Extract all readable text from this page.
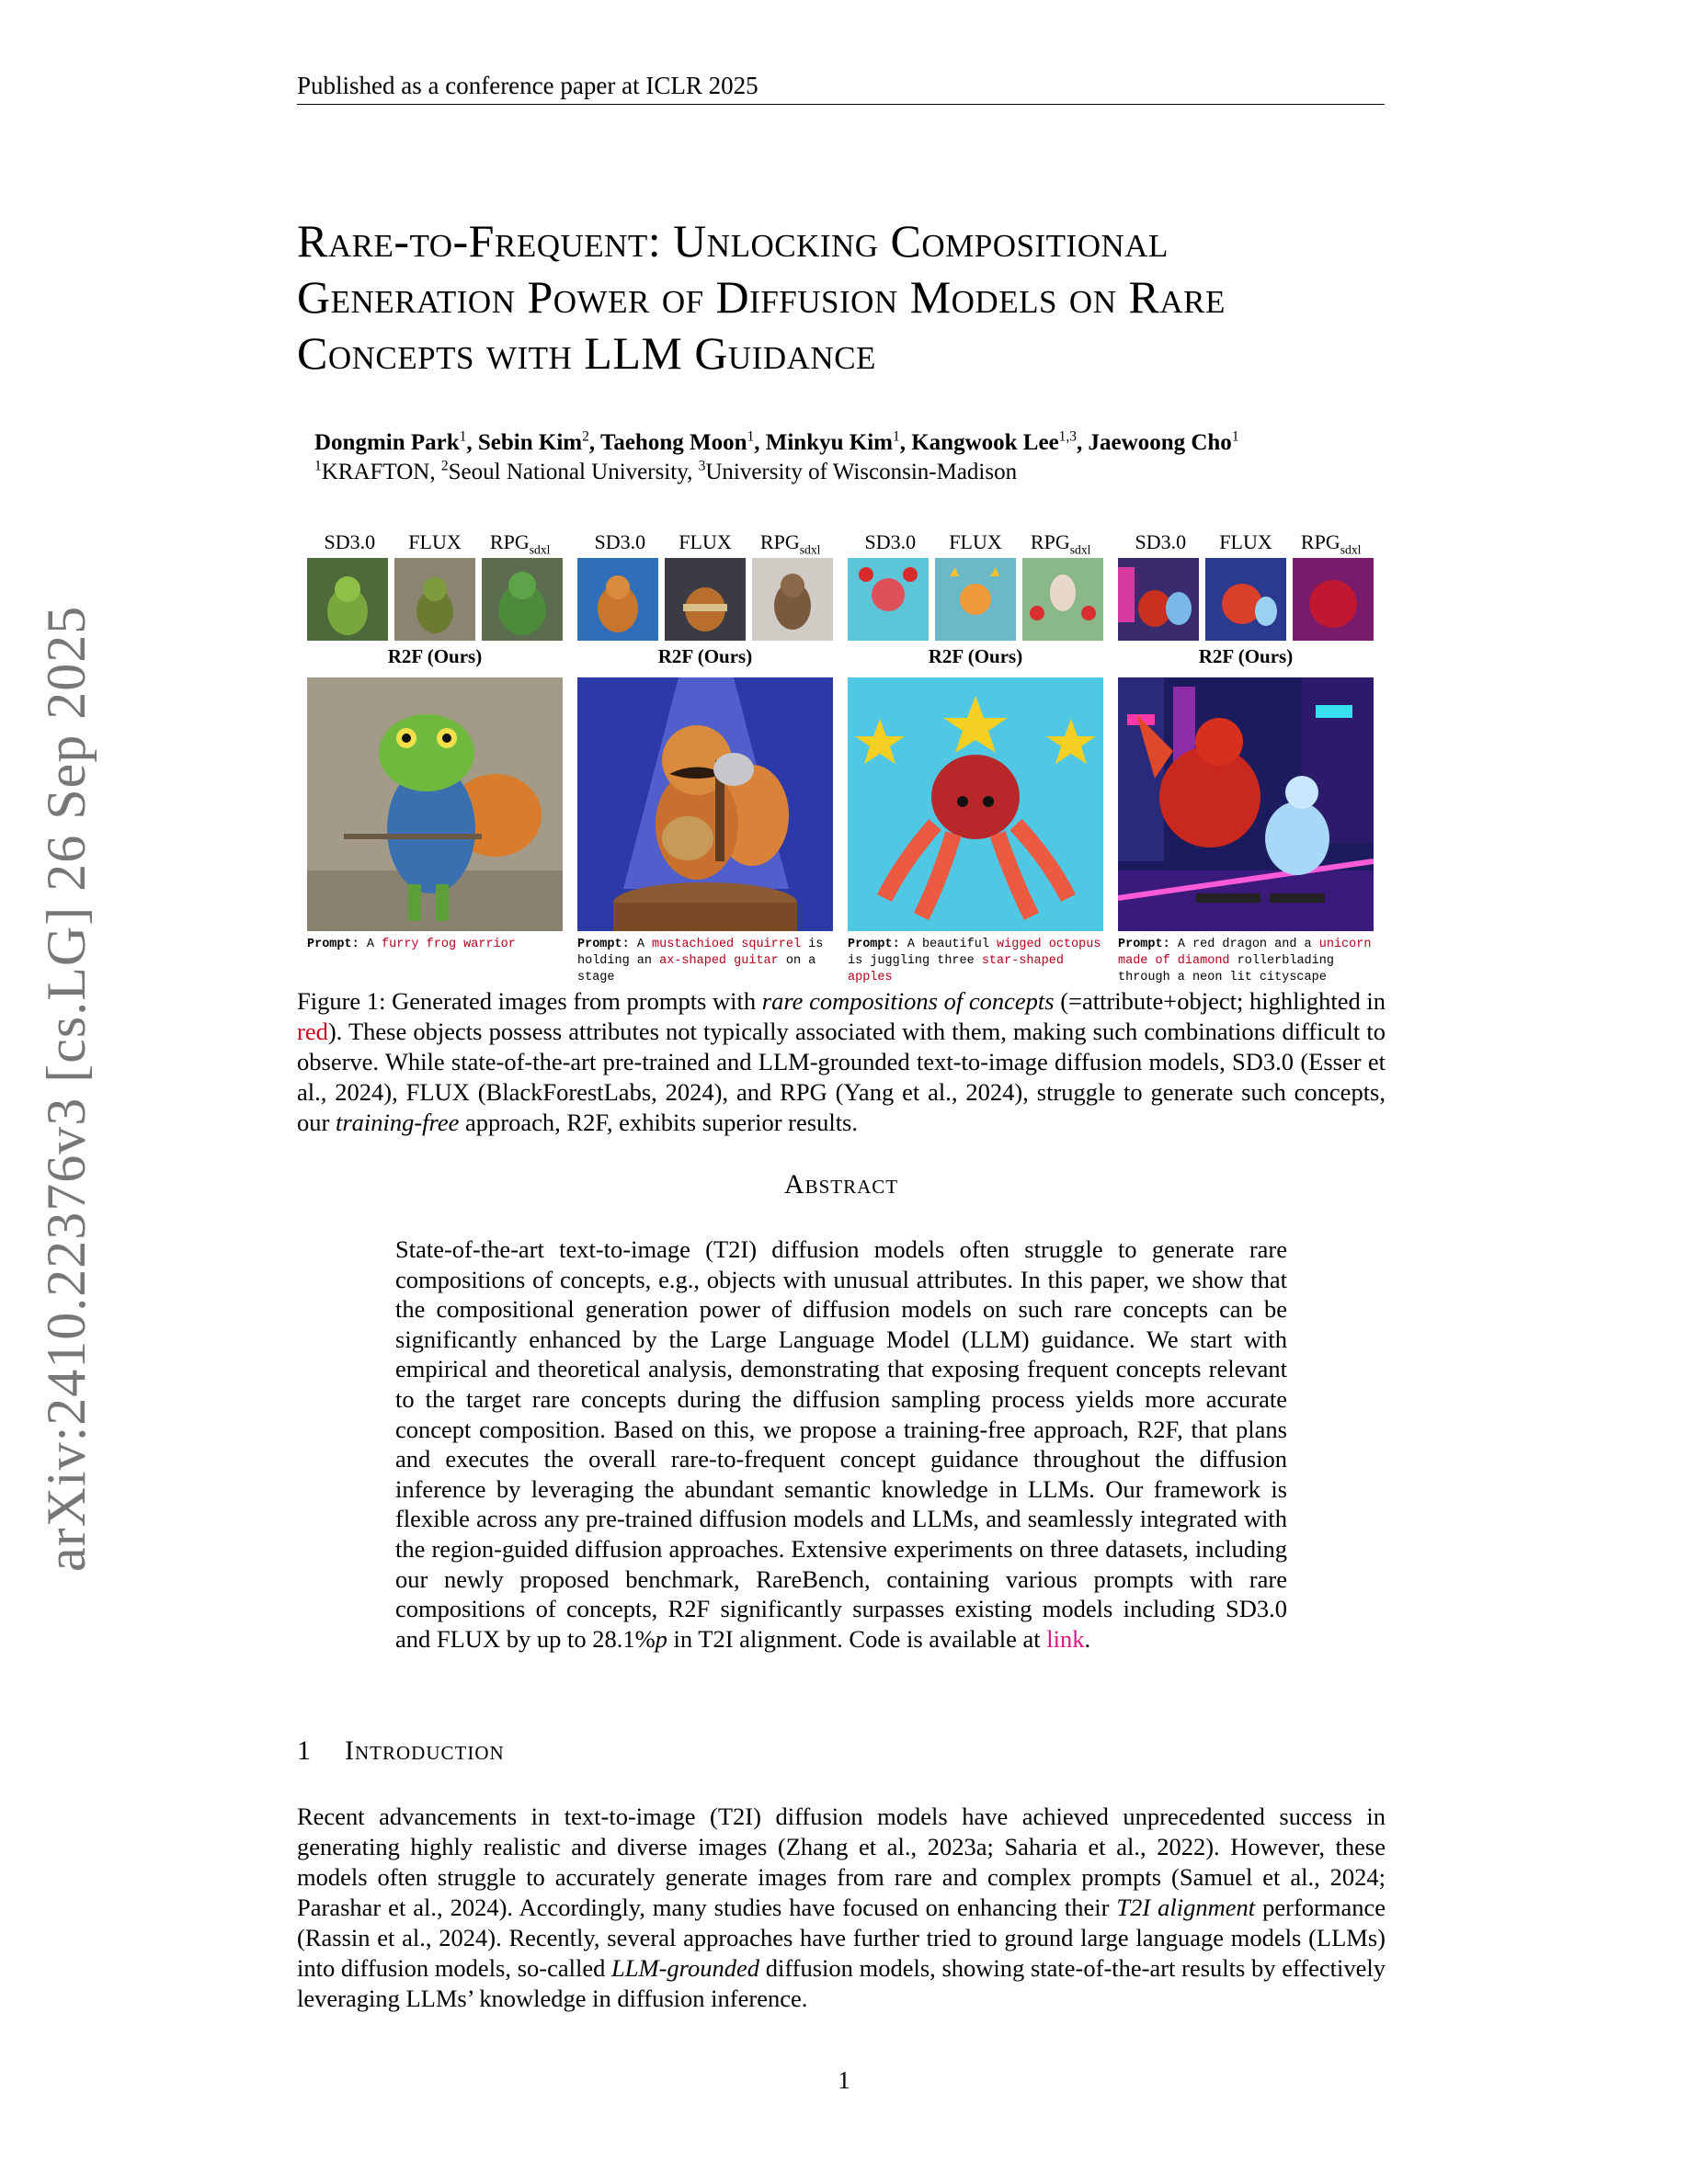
Published as a conference paper at ICLR 2025
Rare-to-Frequent: Unlocking Compositional
Generation Power of Diffusion Models on Rare
Concepts with LLM Guidance
Dongmin Park$^1$, Sebin Kim$^2$, Taehong Moon$^1$, Minkyu Kim$^1$, Kangwook Lee$^{1,3}$, Jaewoong Cho$^1$
$^1$KRAFTON, $^2$Seoul National University, $^3$University of Wisconsin-Madison
arXiv:2410.22376v3 [cs.LG] 26 Sep 2025
SD3.0	FLUX	$RPG_{sdxl}$
R2F (Ours)
Prompt: A furry frog warrior
SD3.0	FLUX	$RPG_{sdxl}$
R2F (Ours)
Prompt: A mustachioed squirrel is holding an ax-shaped guitar on a stage
SD3.0	FLUX	$RPG_{sdxl}$
R2F (Ours)
Prompt: A beautiful wigged octopus is juggling three star-shaped apples
SD3.0	FLUX	$RPG_{sdxl}$
R2F (Ours)
Prompt: A red dragon and a unicorn made of diamond rollerblading through a neon lit cityscape
Figure 1: Generated images from prompts with rare compositions of concepts (=attribute+object; highlighted in red). These objects possess attributes not typically associated with them, making such combinations difficult to observe. While state-of-the-art pre-trained and LLM-grounded text-to-image diffusion models, SD3.0 (Esser et al., 2024), FLUX (BlackForestLabs, 2024), and RPG (Yang et al., 2024), struggle to generate such concepts, our training-free approach, R2F, exhibits superior results.
Abstract
State-of-the-art text-to-image (T2I) diffusion models often struggle to generate rare compositions of concepts, e.g., objects with unusual attributes. In this paper, we show that the compositional generation power of diffusion models on such rare concepts can be significantly enhanced by the Large Language Model (LLM) guidance. We start with empirical and theoretical analysis, demonstrating that exposing frequent concepts relevant to the target rare concepts during the diffusion sampling process yields more accurate concept composition. Based on this, we propose a training-free approach, R2F, that plans and executes the overall rare-to-frequent concept guidance throughout the diffusion inference by leveraging the abundant semantic knowledge in LLMs. Our framework is flexible across any pre-trained diffusion models and LLMs, and seamlessly integrated with the region-guided diffusion approaches. Extensive experiments on three datasets, including our newly proposed benchmark, RareBench, containing various prompts with rare compositions of concepts, R2F significantly surpasses existing models including SD3.0 and FLUX by up to 28.1%p in T2I alignment. Code is available at link.
1 Introduction
Recent advancements in text-to-image (T2I) diffusion models have achieved unprecedented success in generating highly realistic and diverse images (Zhang et al., 2023a; Saharia et al., 2022). However, these models often struggle to accurately generate images from rare and complex prompts (Samuel et al., 2024; Parashar et al., 2024). Accordingly, many studies have focused on enhancing their T2I alignment performance (Rassin et al., 2024). Recently, several approaches have further tried to ground large language models (LLMs) into diffusion models, so-called LLM-grounded diffusion models, showing state-of-the-art results by effectively leveraging LLMs’ knowledge in diffusion inference.
1
